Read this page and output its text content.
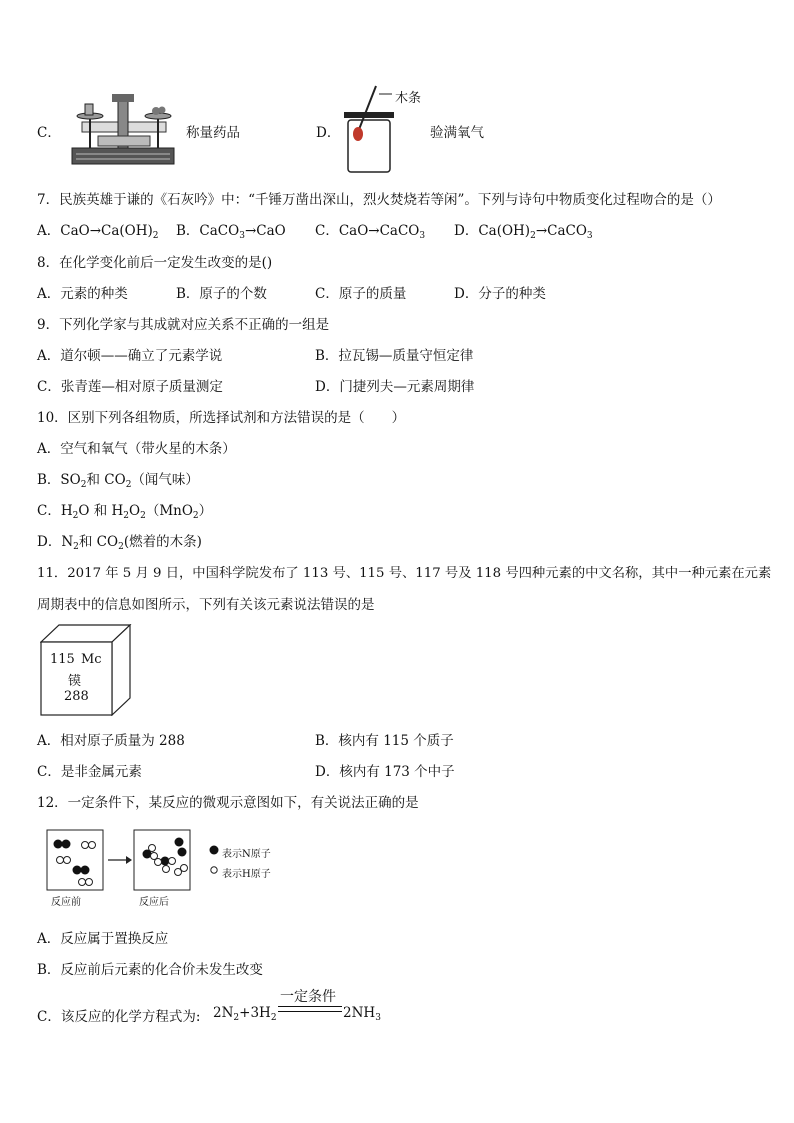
C．	称量药品	D．
木条
验满氧气
7．民族英雄于谦的《石灰吟》中：“千锤万凿出深山，烈火焚烧若等闲”。下列与诗句中物质变化过程吻合的是（）
A．$CaO\to Ca(OH)_2$ B．CaCO$_3$→CaO C．CaO→CaCO$_3$ D．$Ca(OH)_2\to CaCO_3$
8．在化学变化前后一定发生改变的是()
A．元素的种类	B．原子的个数	C．原子的质量	D．分子的种类
9．下列化学家与其成就对应关系不正确的一组是
A．道尔顿——确立了元素学说	B．拉瓦锡—质量守恒定律
C．张青莲—相对原子质量测定	D．门捷列夫—元素周期律
10．区别下列各组物质，所选择试剂和方法错误的是（　　）
A．空气和氧气（带火星的木条）
B．$SO_2$和 $CO_2$（闻气味）
C．$H_2O$ 和 $H_2O_2(MnO_2)$
D．$N_2$和 $CO_2$(燃着的木条)
11．2017 年 5 月 9 日，中国科学院发布了 113 号、115 号、117 号及 118 号四种元素的中文名称，其中一种元素在元素
周期表中的信息如图所示，下列有关该元素说法错误的是
115 Mc
镆
288
A．相对原子质量为 288	B．核内有 115 个质子
C．是非金属元素	D．核内有 173 个中子
12．一定条件下，某反应的微观示意图如下，有关说法正确的是
反应前	反应后
表示N原子
表示H原子
A．反应属于置换反应
B．反应前后元素的化合价未发生改变
C．该反应的化学方程式为: $2N_2+3H_2$
一定条件
$2NH_3$
